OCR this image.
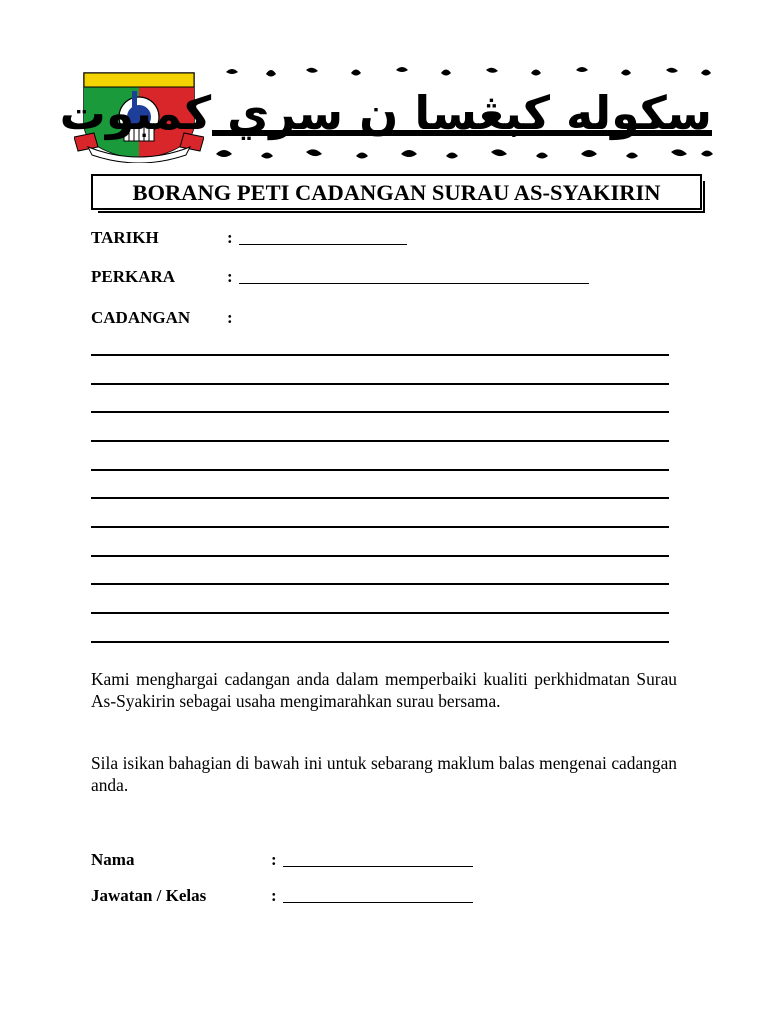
سکوله کبڠسا ن سري کمبوت
BORANG PETI CADANGAN SURAU AS-SYAKIRIN
TARIKH	:
PERKARA	:
CADANGAN :
Kami menghargai cadangan anda dalam memperbaiki kualiti perkhidmatan Surau As-Syakirin sebagai usaha mengimarahkan surau bersama.
Sila isikan bahagian di bawah ini untuk sebarang maklum balas mengenai cadangan anda.
Nama	:
Jawatan / Kelas	:
